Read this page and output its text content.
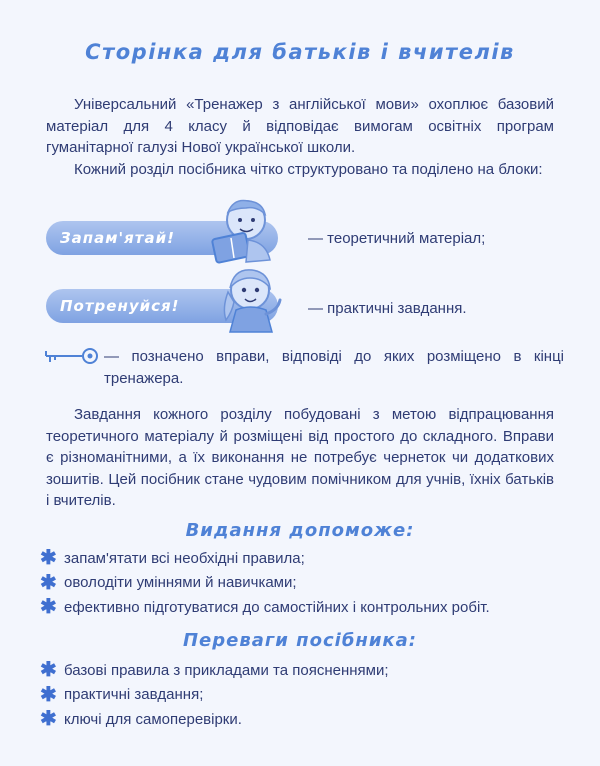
Сторінка для батьків і вчителів

Універсальний «Тренажер з англійської мови» охоплює базовий матеріал для 4 класу й відповідає вимогам освітніх програм гуманітарної галузі Нової української школи.

Кожний розділ посібника чітко структуровано та поділено на блоки:

Запам'ятай!	— теоретичний матеріал;
Потренуйся!	— практичні завдання.
— позначено вправи, відповіді до яких розміщено в кінці тренажера.

Завдання кожного розділу побудовані з метою відпрацювання теоретичного матеріалу й розміщені від простого до складного. Вправи є різноманітними, а їх виконання не потребує чернеток чи додаткових зошитів. Цей посібник стане чудовим помічником для учнів, їхніх батьків і вчителів.

Видання допоможе:
✱ запам'ятати всі необхідні правила;
✱ оволодіти уміннями й навичками;
✱ ефективно підготуватися до самостійних і контрольних робіт.
Переваги посібника:
✱ базові правила з прикладами та поясненнями;
✱ практичні завдання;
✱ ключі для самоперевірки.
